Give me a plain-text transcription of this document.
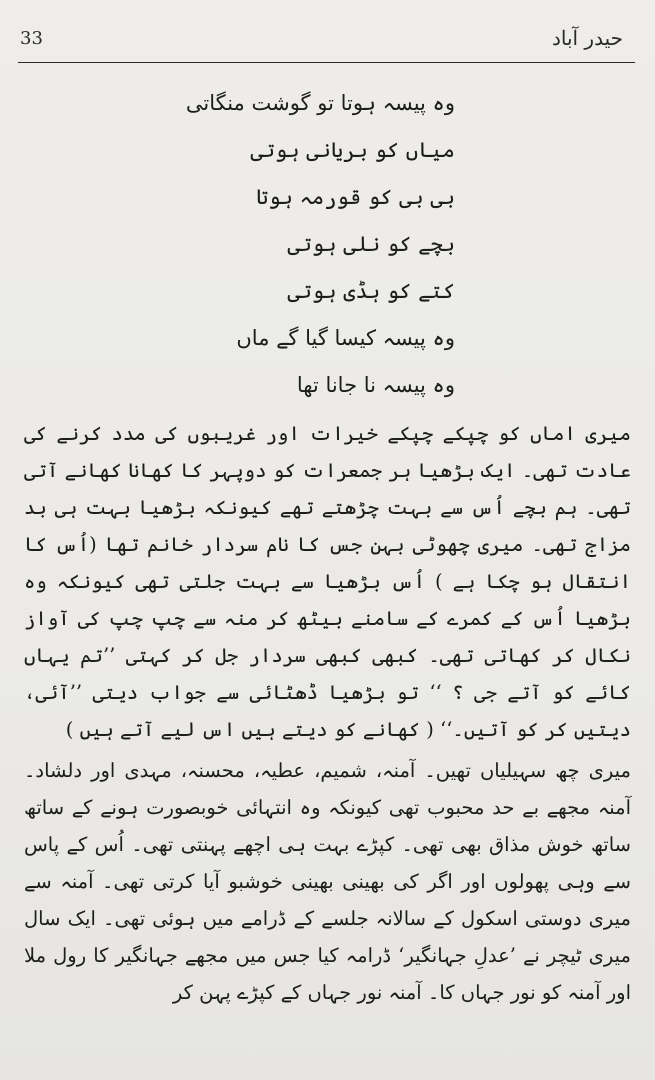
33	حیدر آباد
وہ پیسہ ہوتا تو گوشت منگاتی
میاں کو بریانی ہوتی
بی بی کو قورمہ ہوتا
بچے کو نلی ہوتی
کتے کو ہڈی ہوتی
وہ پیسہ کیسا گیا گے ماں
وہ پیسہ نا جانا تھا

میری اماں کو چپکے چپکے خیرات اور غریبوں کی مدد کرنے کی عادت تھی۔ ایک بڑھیا ہر جمعرات کو دوپہر کا کھانا کھانے آتی تھی۔ ہم بچے اُس سے بہت چڑھتے تھے کیونکہ بڑھیا بہت ہی بد مزاج تھی۔ میری چھوٹی بہن جس کا نام سردار خانم تھا (اُس کا انتقال ہو چکا ہے ) اُس بڑھیا سے بہت جلتی تھی کیونکہ وہ بڑھیا اُس کے کمرے کے سامنے بیٹھ کر منہ سے چپ چپ کی آواز نکال کر کھاتی تھی۔ کبھی کبھی سردار جل کر کہتی ’’تم یہاں کائے کو آتے جی ؟ ‘‘ تو بڑھیا ڈھٹائی سے جواب دیتی ’’آئی، دیتیں کر کو آتیں۔‘‘ ( کھانے کو دیتے ہیں اس لیے آتے ہیں )

میری چھ سہیلیاں تھیں۔ آمنہ، شمیم، عطیہ، محسنہ، مہدی اور دلشاد۔ آمنہ مجھے بے حد محبوب تھی کیونکہ وہ انتہائی خوبصورت ہونے کے ساتھ ساتھ خوش مذاق بھی تھی۔ کپڑے بہت ہی اچھے پہنتی تھی۔ اُس کے پاس سے وہی پھولوں اور اگر کی بھینی بھینی خوشبو آیا کرتی تھی۔ آمنہ سے میری دوستی اسکول کے سالانہ جلسے کے ڈرامے میں ہوئی تھی۔ ایک سال میری ٹیچر نے ’عدلِ جہانگیر‘ ڈرامہ کیا جس میں مجھے جہانگیر کا رول ملا اور آمنہ کو نور جہاں کا۔ آمنہ نور جہاں کے کپڑے پہن کر
